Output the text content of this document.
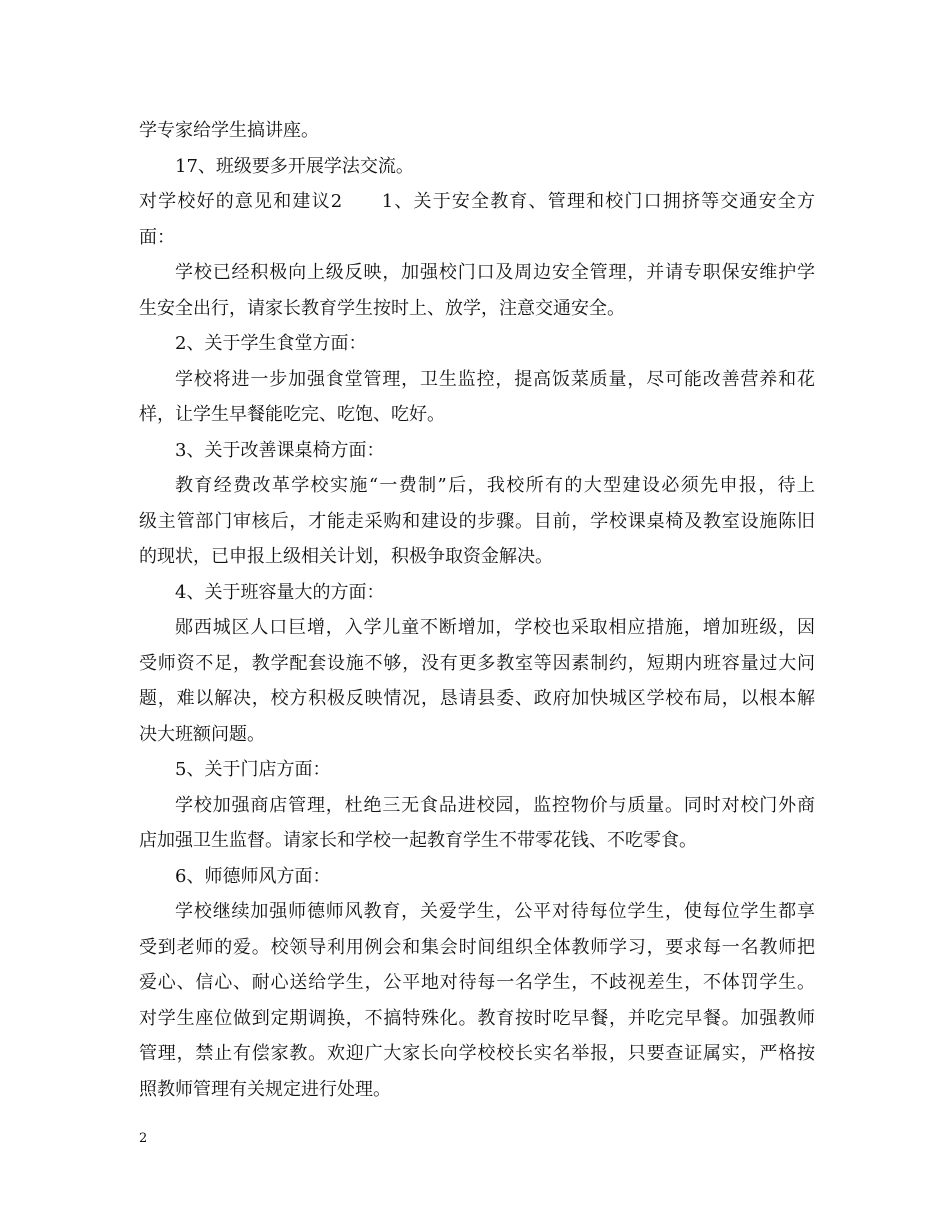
学专家给学生搞讲座。
17、班级要多开展学法交流。
对学校好的意见和建议2　　1、关于安全教育、管理和校门口拥挤等交通安全方
面：
学校已经积极向上级反映，加强校门口及周边安全管理，并请专职保安维护学
生安全出行，请家长教育学生按时上、放学，注意交通安全。
2、关于学生食堂方面：
学校将进一步加强食堂管理，卫生监控，提高饭菜质量，尽可能改善营养和花
样，让学生早餐能吃完、吃饱、吃好。
3、关于改善课桌椅方面：
教育经费改革学校实施“一费制”后，我校所有的大型建设必须先申报，待上
级主管部门审核后，才能走采购和建设的步骤。目前，学校课桌椅及教室设施陈旧
的现状，已申报上级相关计划，积极争取资金解决。
4、关于班容量大的方面：
郧西城区人口巨增，入学儿童不断增加，学校也采取相应措施，增加班级，因
受师资不足，教学配套设施不够，没有更多教室等因素制约，短期内班容量过大问
题，难以解决，校方积极反映情况，恳请县委、政府加快城区学校布局，以根本解
决大班额问题。
5、关于门店方面：
学校加强商店管理，杜绝三无食品进校园，监控物价与质量。同时对校门外商
店加强卫生监督。请家长和学校一起教育学生不带零花钱、不吃零食。
6、师德师风方面：
学校继续加强师德师风教育，关爱学生，公平对待每位学生，使每位学生都享
受到老师的爱。校领导利用例会和集会时间组织全体教师学习，要求每一名教师把
爱心、信心、耐心送给学生，公平地对待每一名学生，不歧视差生，不体罚学生。
对学生座位做到定期调换，不搞特殊化。教育按时吃早餐，并吃完早餐。加强教师
管理，禁止有偿家教。欢迎广大家长向学校校长实名举报，只要查证属实，严格按
照教师管理有关规定进行处理。
2
